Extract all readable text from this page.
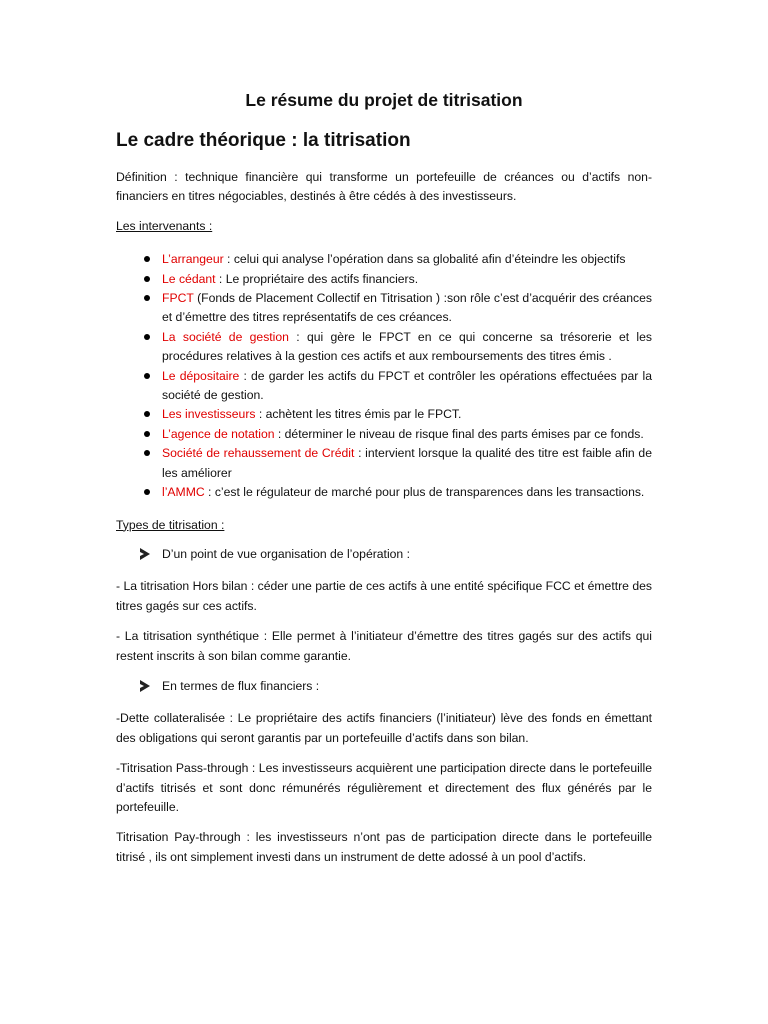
Le résume du projet de titrisation
Le cadre théorique : la titrisation

Définition : technique financière qui transforme un portefeuille de créances ou d’actifs non-financiers en titres négociables, destinés à être cédés à des investisseurs.

Les intervenants :

L’arrangeur : celui qui analyse l’opération dans sa globalité afin d’éteindre les objectifs
Le cédant : Le propriétaire des actifs financiers.
FPCT (Fonds de Placement Collectif en Titrisation ) :son rôle c’est d’acquérir des créances et d’émettre des titres représentatifs de ces créances.
La société de gestion : qui gère le FPCT en ce qui concerne sa trésorerie et les procédures relatives à la gestion ces actifs et aux remboursements des titres émis .
Le dépositaire : de garder les actifs du FPCT et contrôler les opérations effectuées par la société de gestion.
Les investisseurs : achètent les titres émis par le FPCT.
L’agence de notation : déterminer le niveau de risque final des parts émises par ce fonds.
Société de rehaussement de Crédit : intervient lorsque la qualité des titre est faible afin de les améliorer
l’AMMC : c’est le régulateur de marché pour plus de transparences dans les transactions.

Types de titrisation :

D’un point de vue organisation de l’opération :

- La titrisation Hors bilan : céder une partie de ces actifs à une entité spécifique FCC et émettre des titres gagés sur ces actifs.

- La titrisation synthétique : Elle permet à l’initiateur d’émettre des titres gagés sur des actifs qui restent inscrits à son bilan comme garantie.

En termes de flux financiers :

-Dette collateralisée : Le propriétaire des actifs financiers (l’initiateur) lève des fonds en émettant des obligations qui seront garantis par un portefeuille d’actifs dans son bilan.

-Titrisation Pass-through : Les investisseurs acquièrent une participation directe dans le portefeuille d’actifs titrisés et sont donc rémunérés régulièrement et directement des flux générés par le portefeuille.

Titrisation Pay-through : les investisseurs n’ont pas de participation directe dans le portefeuille titrisé , ils ont simplement investi dans un instrument de dette adossé à un pool d’actifs.
